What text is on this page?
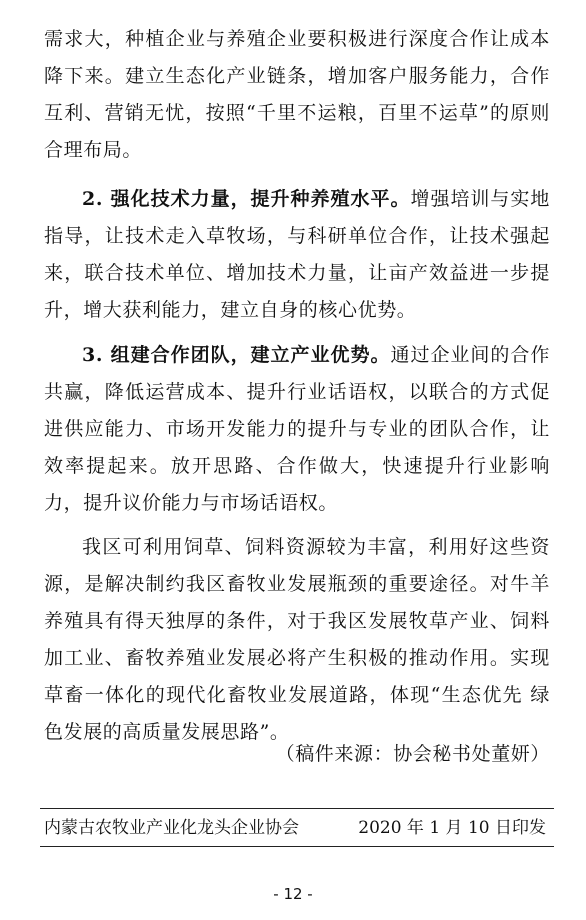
需求大，种植企业与养殖企业要积极进行深度合作让成本降下来。建立生态化产业链条，增加客户服务能力，合作互利、营销无忧，按照“千里不运粮，百里不运草”的原则合理布局。

2. 强化技术力量，提升种养殖水平。增强培训与实地指导，让技术走入草牧场，与科研单位合作，让技术强起来，联合技术单位、增加技术力量，让亩产效益进一步提升，增大获利能力，建立自身的核心优势。

3. 组建合作团队，建立产业优势。通过企业间的合作共赢，降低运营成本、提升行业话语权，以联合的方式促进供应能力、市场开发能力的提升与专业的团队合作，让效率提起来。放开思路、合作做大，快速提升行业影响力，提升议价能力与市场话语权。

我区可利用饲草、饲料资源较为丰富，利用好这些资源，是解决制约我区畜牧业发展瓶颈的重要途径。对牛羊养殖具有得天独厚的条件，对于我区发展牧草产业、饲料加工业、畜牧养殖业发展必将产生积极的推动作用。实现草畜一体化的现代化畜牧业发展道路，体现“生态优先 绿色发展的高质量发展思路”。

（稿件来源：协会秘书处董妍）
内蒙古农牧业产业化龙头企业协会	2020 年 1 月 10 日印发
- 12 -
